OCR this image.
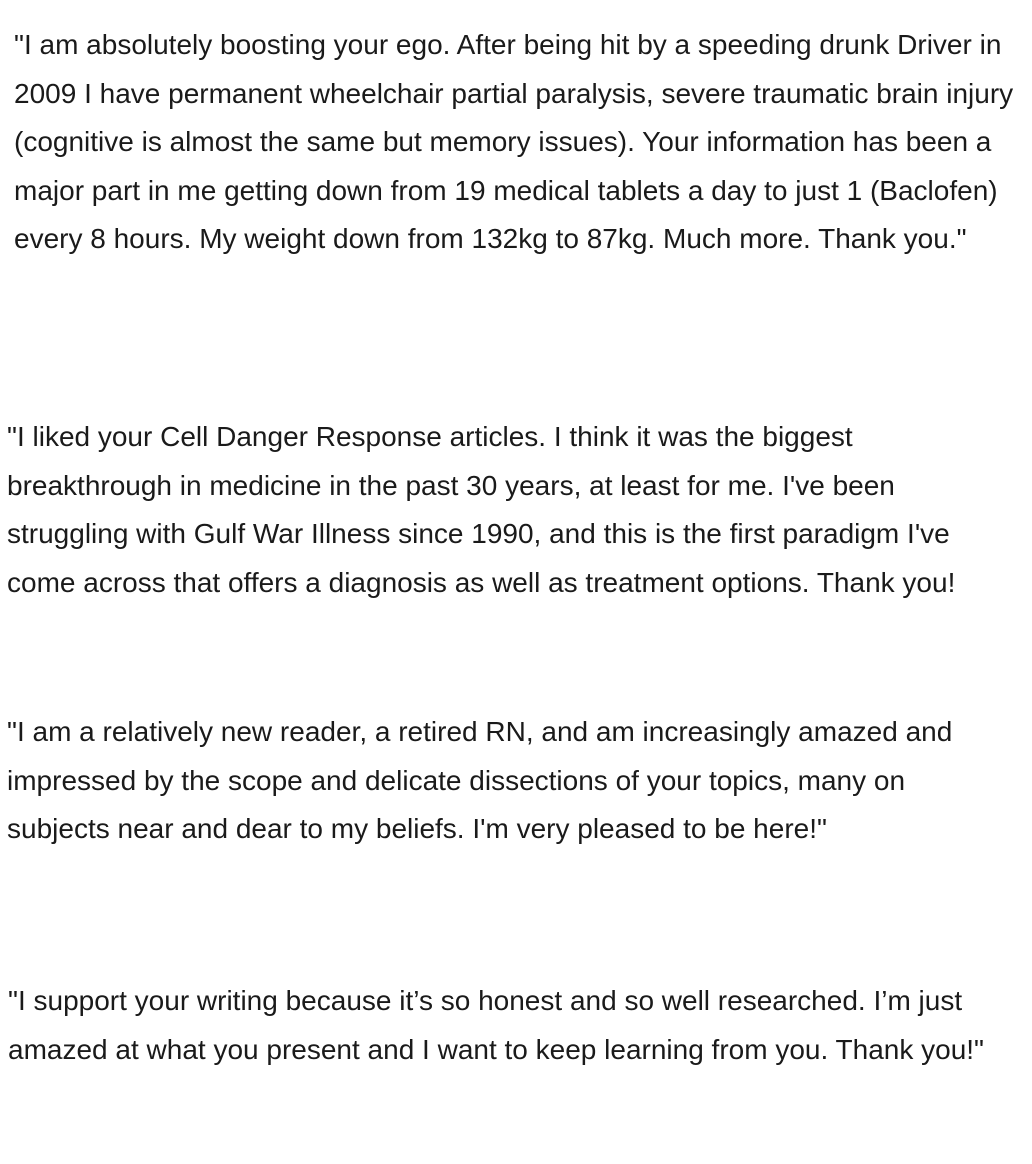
"I am absolutely boosting your ego. After being hit by a speeding drunk Driver in 2009 I have permanent wheelchair partial paralysis, severe traumatic brain injury (cognitive is almost the same but memory issues). Your information has been a major part in me getting down from 19 medical tablets a day to just 1 (Baclofen) every 8 hours. My weight down from 132kg to 87kg. Much more. Thank you."

"I liked your Cell Danger Response articles. I think it was the biggest breakthrough in medicine in the past 30 years, at least for me. I've been struggling with Gulf War Illness since 1990, and this is the first paradigm I've come across that offers a diagnosis as well as treatment options. Thank you!

"I am a relatively new reader, a retired RN, and am increasingly amazed and impressed by the scope and delicate dissections of your topics, many on subjects near and dear to my beliefs. I'm very pleased to be here!"

"I support your writing because it’s so honest and so well researched. I’m just amazed at what you present and I want to keep learning from you. Thank you!"
